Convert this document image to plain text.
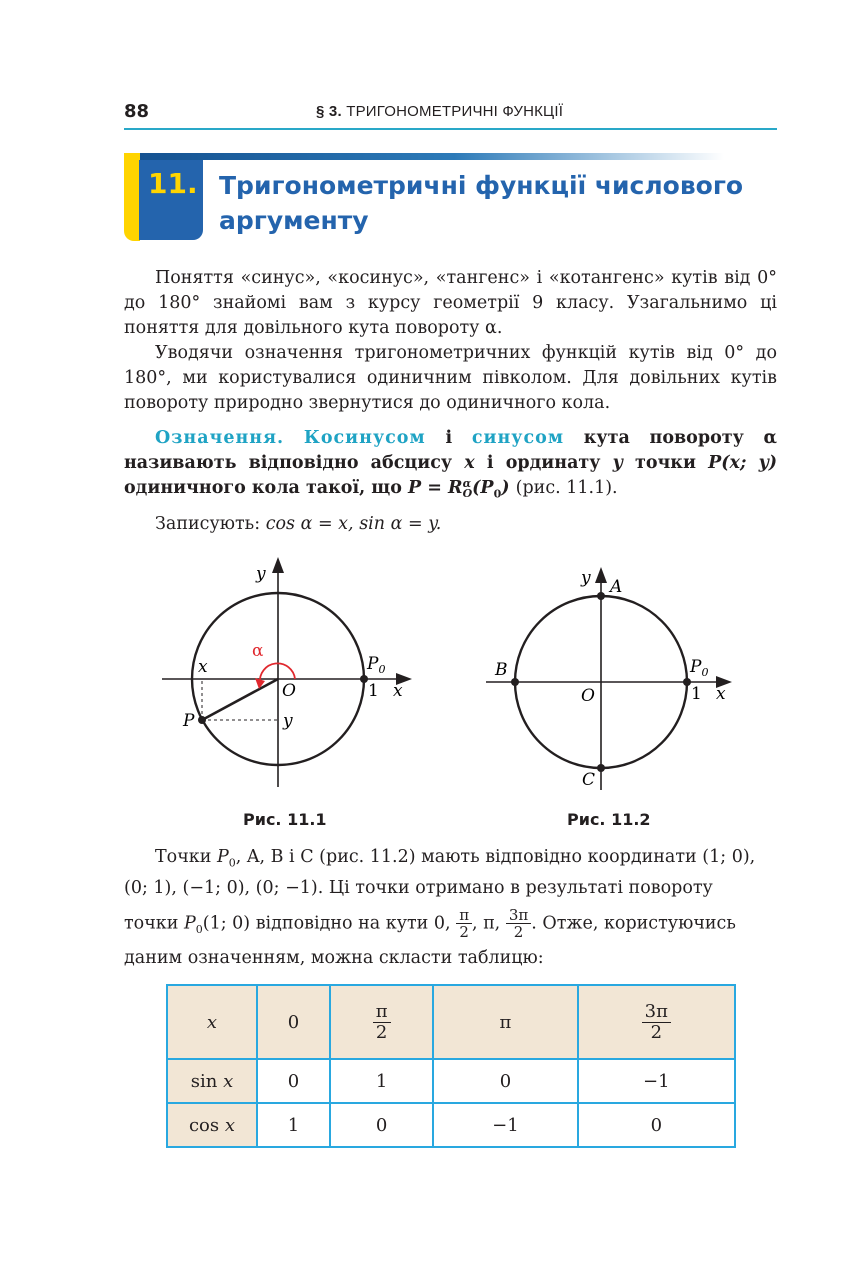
88	§ 3. ТРИГОНОМЕТРИЧНІ ФУНКЦІЇ
11. Тригонометричні функції числового
аргументу
Поняття «синус», «косинус», «тангенс» і «котангенс» кутів від 0° до 180° знайомі вам з курсу геометрії 9 класу. Узагальнимо ці поняття для довільного кута повороту α.
Уводячи означення тригонометричних функцій кутів від 0° до 180°, ми користувалися одиничним півколом. Для довільних кутів повороту природно звернутися до одиничного кола.
Означення. Косинусом і синусом кута повороту α називають відповідно абсцису x і ординату y точки P(x; y) одиничного кола такої, що P = R α
O $(P_0)$ (рис. 11.1).
Записують: cos α = x, sin α = y.
y
α
x	$P_0$
O	1 x
P	y
Рис. 11.1
y A
B	$P_0$
O	1 x
C
Рис. 11.2
Точки $P_0$, A, B і C (рис. 11.2) мають відповідно координати (1; 0),
(0; 1), (−1; 0), (0; −1). Ці точки отримано в результаті повороту
точки $P_0(1$; 0) відповідно на кути 0, $\frac{\pi}{2}$ , π, $\frac{3\pi}{2}$ . Отже, користуючись
даним означенням, можна скласти таблицю:
x	0	$\frac{\pi}{2}$	π	$\frac{3\pi}{2}$

sin x	0	1	0	−1
cos x	1	0	−1	0
